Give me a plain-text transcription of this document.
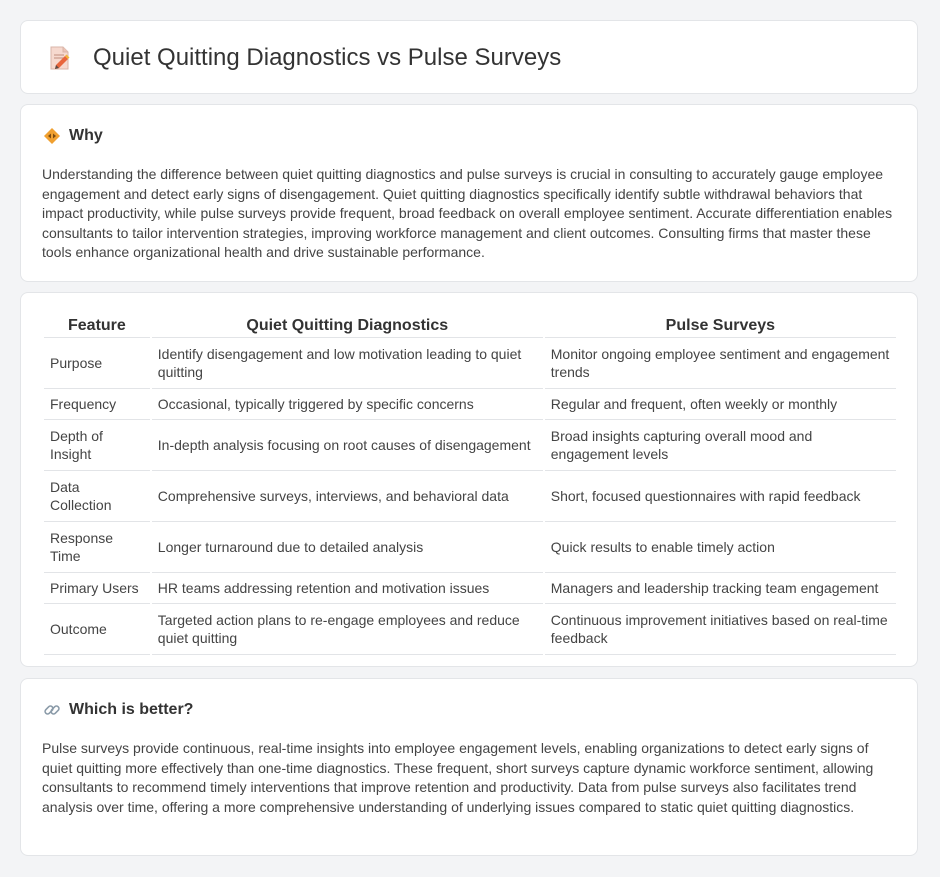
Quiet Quitting Diagnostics vs Pulse Surveys
Why

Understanding the difference between quiet quitting diagnostics and pulse surveys is crucial in consulting to accurately gauge employee engagement and detect early signs of disengagement. Quiet quitting diagnostics specifically identify subtle withdrawal behaviors that impact productivity, while pulse surveys provide frequent, broad feedback on overall employee sentiment. Accurate differentiation enables consultants to tailor intervention strategies, improving workforce management and client outcomes. Consulting firms that master these tools enhance organizational health and drive sustainable performance.

Feature	Quiet Quitting Diagnostics	Pulse Surveys
Purpose	Identify disengagement and low motivation leading to quiet quitting	Monitor ongoing employee sentiment and engagement trends
Frequency	Occasional, typically triggered by specific concerns	Regular and frequent, often weekly or monthly
Depth of Insight	In-depth analysis focusing on root causes of disengagement	Broad insights capturing overall mood and engagement levels
Data Collection	Comprehensive surveys, interviews, and behavioral data	Short, focused questionnaires with rapid feedback
Response Time	Longer turnaround due to detailed analysis	Quick results to enable timely action
Primary Users	HR teams addressing retention and motivation issues	Managers and leadership tracking team engagement
Outcome	Targeted action plans to re-engage employees and reduce quiet quitting	Continuous improvement initiatives based on real-time feedback
Which is better?

Pulse surveys provide continuous, real-time insights into employee engagement levels, enabling organizations to detect early signs of quiet quitting more effectively than one-time diagnostics. These frequent, short surveys capture dynamic workforce sentiment, allowing consultants to recommend timely interventions that improve retention and productivity. Data from pulse surveys also facilitates trend analysis over time, offering a more comprehensive understanding of underlying issues compared to static quiet quitting diagnostics.
